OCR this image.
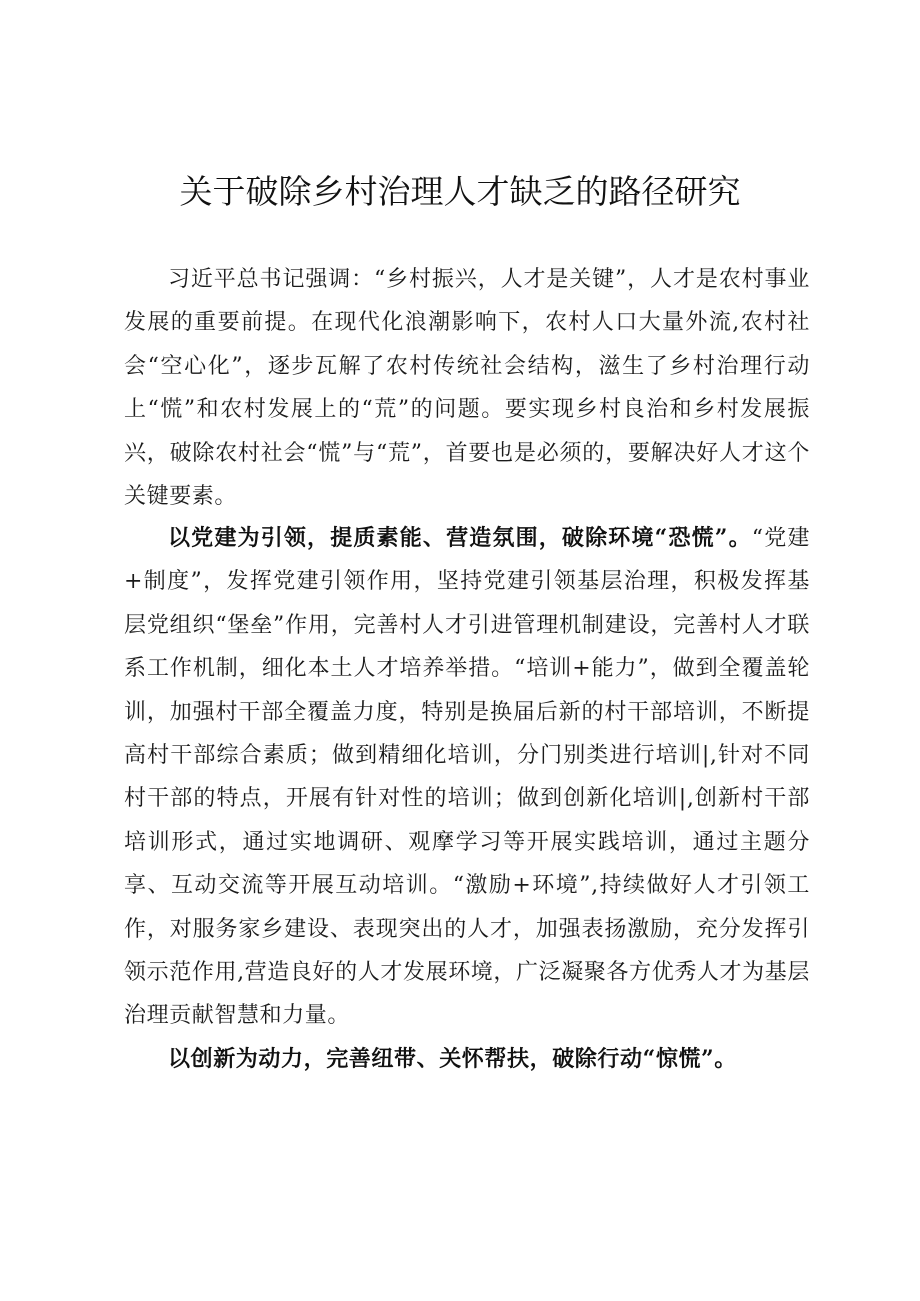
关于破除乡村治理人才缺乏的路径研究

习近平总书记强调：“乡村振兴，人才是关键”，人才是农村事业发展的重要前提。在现代化浪潮影响下，农村人口大量外流,农村社会“空心化”，逐步瓦解了农村传统社会结构，滋生了乡村治理行动上“慌”和农村发展上的“荒”的问题。要实现乡村良治和乡村发展振兴，破除农村社会“慌”与“荒”，首要也是必须的，要解决好人才这个关键要素。

以党建为引领，提质素能、营造氛围，破除环境“恐慌”。“党建+制度”，发挥党建引领作用，坚持党建引领基层治理，积极发挥基层党组织“堡垒”作用，完善村人才引进管理机制建设，完善村人才联系工作机制，细化本土人才培养举措。“培训+能力”，做到全覆盖轮训，加强村干部全覆盖力度，特别是换届后新的村干部培训，不断提高村干部综合素质；做到精细化培训，分门别类进行培训|,针对不同村干部的特点，开展有针对性的培训；做到创新化培训|,创新村干部培训形式，通过实地调研、观摩学习等开展实践培训，通过主题分享、互动交流等开展互动培训。“激励+环境”,持续做好人才引领工作，对服务家乡建设、表现突出的人才，加强表扬激励，充分发挥引领示范作用,营造良好的人才发展环境，广泛凝聚各方优秀人才为基层治理贡献智慧和力量。

以创新为动力，完善纽带、关怀帮扶，破除行动“惊慌”。
